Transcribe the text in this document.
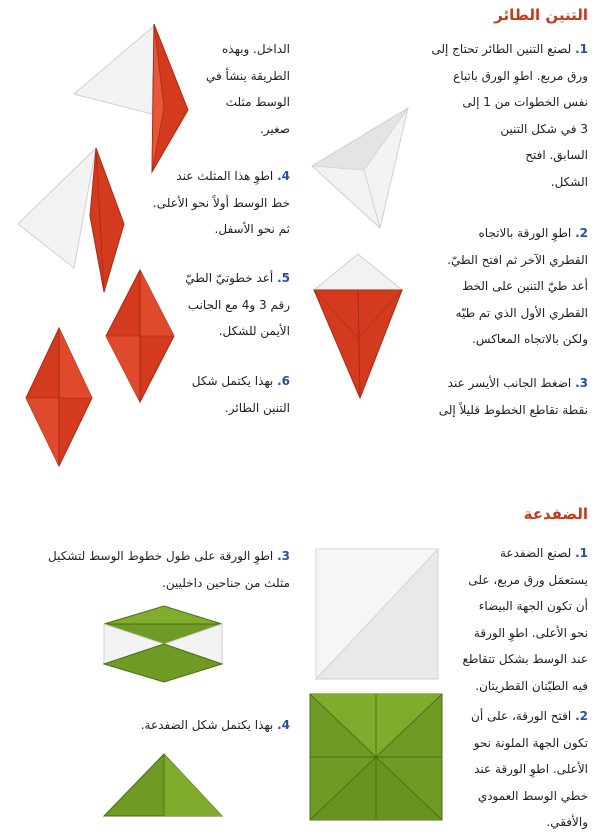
التنين الطائر
الضفدعة
1. لصنع التنين الطائر تحتاج إلى
ورق مربع. اطوِ الورق باتباع
نفس الخطوات من 1 إلى
3 في شكل التنين
السابق. افتح
الشكل.
2. اطوِ الورقة بالاتجاه
القطري الآخر ثم افتح الطيّ.
أعد طيّ التنين على الخط
القطري الأول الذي تم طيّه
ولكن بالاتجاه المعاكس.
3. اضغط الجانب الأيسر عند
نقطة تقاطع الخطوط قليلاً إلى
الداخل. وبهذه
الطريقة ينشأ في
الوسط مثلث
صغير.
4. اطوِ هذا المثلث عند
خط الوسط أولاً نحو الأعلى.
ثم نحو الأسفل.
5. أعد خطوتيّ الطيّ
رقم 3 و4 مع الجانب
الأيمن للشكل.
6. بهذا يكتمل شكل
التنين الطائر.
1. لصنع الضفدعة
يستعمَل ورق مربع، على
أن تكون الجهة البيضاء
نحو الأعلى. اطوِ الورقة
عند الوسط بشكل تتقاطع
فيه الطيّتان القطريتان.
2. افتح الورقة، على أن
تكون الجهة الملونة نحو
الأعلى. اطوِ الورقة عند
خطي الوسط العمودي
والأفقي.
3. اطوِ الورقة على طول خطوط الوسط لتشكيل
مثلث من جناحين داخليين.
4. بهذا يكتمل شكل الضفدعة.
